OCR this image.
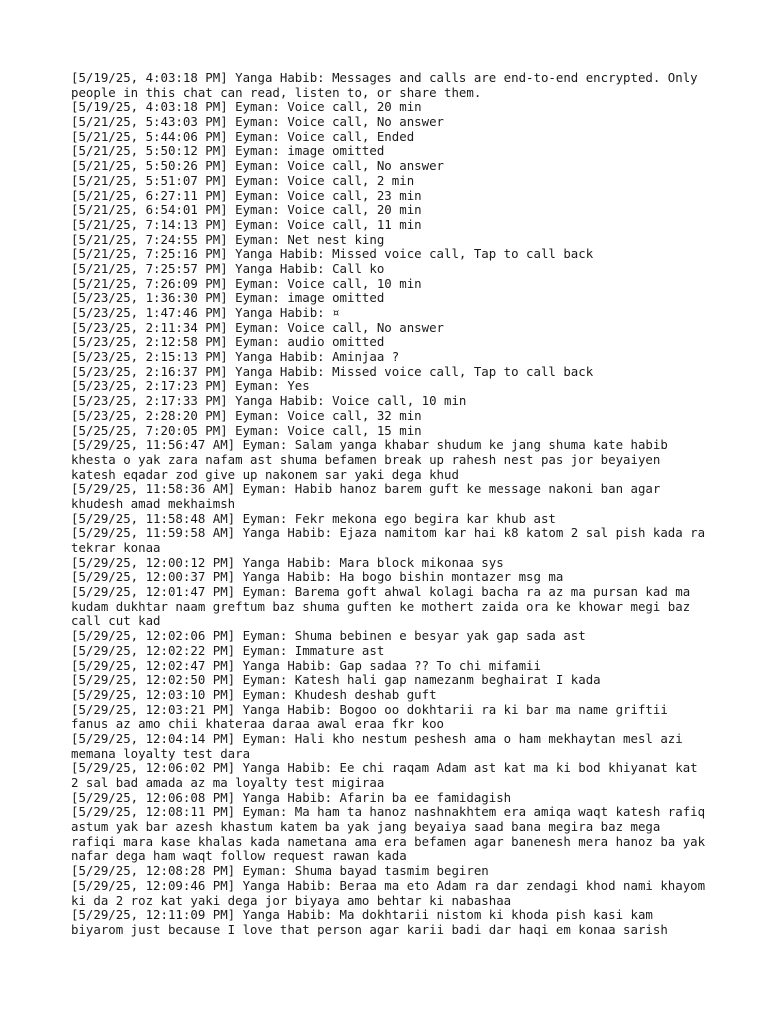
[5/19/25, 4:03:18 PM] Yanga Habib: Messages and calls are end-to-end encrypted. Only people in this chat can read, listen to, or share them.

[5/19/25, 4:03:18 PM] Eyman: Voice call, 20 min

[5/21/25, 5:43:03 PM] Eyman: Voice call, No answer

[5/21/25, 5:44:06 PM] Eyman: Voice call, Ended

[5/21/25, 5:50:12 PM] Eyman: image omitted

[5/21/25, 5:50:26 PM] Eyman: Voice call, No answer

[5/21/25, 5:51:07 PM] Eyman: Voice call, 2 min

[5/21/25, 6:27:11 PM] Eyman: Voice call, 23 min

[5/21/25, 6:54:01 PM] Eyman: Voice call, 20 min

[5/21/25, 7:14:13 PM] Eyman: Voice call, 11 min

[5/21/25, 7:24:55 PM] Eyman: Net nest king

[5/21/25, 7:25:16 PM] Yanga Habib: Missed voice call, Tap to call back

[5/21/25, 7:25:57 PM] Yanga Habib: Call ko

[5/21/25, 7:26:09 PM] Eyman: Voice call, 10 min

[5/23/25, 1:36:30 PM] Eyman: image omitted

[5/23/25, 1:47:46 PM] Yanga Habib: ¤

[5/23/25, 2:11:34 PM] Eyman: Voice call, No answer

[5/23/25, 2:12:58 PM] Eyman: audio omitted

[5/23/25, 2:15:13 PM] Yanga Habib: Aminjaa ?

[5/23/25, 2:16:37 PM] Yanga Habib: Missed voice call, Tap to call back

[5/23/25, 2:17:23 PM] Eyman: Yes

[5/23/25, 2:17:33 PM] Yanga Habib: Voice call, 10 min

[5/23/25, 2:28:20 PM] Eyman: Voice call, 32 min

[5/25/25, 7:20:05 PM] Eyman: Voice call, 15 min

[5/29/25, 11:56:47 AM] Eyman: Salam yanga khabar shudum ke jang shuma kate habib khesta o yak zara nafam ast shuma befamen break up rahesh nest pas jor beyaiyen katesh eqadar zod give up nakonem sar yaki dega khud

[5/29/25, 11:58:36 AM] Eyman: Habib hanoz barem guft ke message nakoni ban agar khudesh amad mekhaimsh

[5/29/25, 11:58:48 AM] Eyman: Fekr mekona ego begira kar khub ast

[5/29/25, 11:59:58 AM] Yanga Habib: Ejaza namitom kar hai k8 katom 2 sal pish kada ra tekrar konaa

[5/29/25, 12:00:12 PM] Yanga Habib: Mara block mikonaa sys

[5/29/25, 12:00:37 PM] Yanga Habib: Ha bogo bishin montazer msg ma

[5/29/25, 12:01:47 PM] Eyman: Barema goft ahwal kolagi bacha ra az ma pursan kad ma kudam dukhtar naam greftum baz shuma guften ke mothert zaida ora ke khowar megi baz call cut kad

[5/29/25, 12:02:06 PM] Eyman: Shuma bebinen e besyar yak gap sada ast

[5/29/25, 12:02:22 PM] Eyman: Immature ast

[5/29/25, 12:02:47 PM] Yanga Habib: Gap sadaa ?? To chi mifamii

[5/29/25, 12:02:50 PM] Eyman: Katesh hali gap namezanm beghairat I kada

[5/29/25, 12:03:10 PM] Eyman: Khudesh deshab guft

[5/29/25, 12:03:21 PM] Yanga Habib: Bogoo oo dokhtarii ra ki bar ma name griftii fanus az amo chii khateraa daraa awal eraa fkr koo

[5/29/25, 12:04:14 PM] Eyman: Hali kho nestum peshesh ama o ham mekhaytan mesl azi memana loyalty test dara

[5/29/25, 12:06:02 PM] Yanga Habib: Ee chi raqam Adam ast kat ma ki bod khiyanat kat 2 sal bad amada az ma loyalty test migiraa

[5/29/25, 12:06:08 PM] Yanga Habib: Afarin ba ee famidagish

[5/29/25, 12:08:11 PM] Eyman: Ma ham ta hanoz nashnakhtem era amiqa waqt katesh rafiq astum yak bar azesh khastum katem ba yak jang beyaiya saad bana megira baz mega rafiqi mara kase khalas kada nametana ama era befamen agar banenesh mera hanoz ba yak nafar dega ham waqt follow request rawan kada

[5/29/25, 12:08:28 PM] Eyman: Shuma bayad tasmim begiren

[5/29/25, 12:09:46 PM] Yanga Habib: Beraa ma eto Adam ra dar zendagi khod nami khayom ki da 2 roz kat yaki dega jor biyaya amo behtar ki nabashaa

[5/29/25, 12:11:09 PM] Yanga Habib: Ma dokhtarii nistom ki khoda pish kasi kam biyarom just because I love that person agar karii badi dar haqi em konaa sarish
